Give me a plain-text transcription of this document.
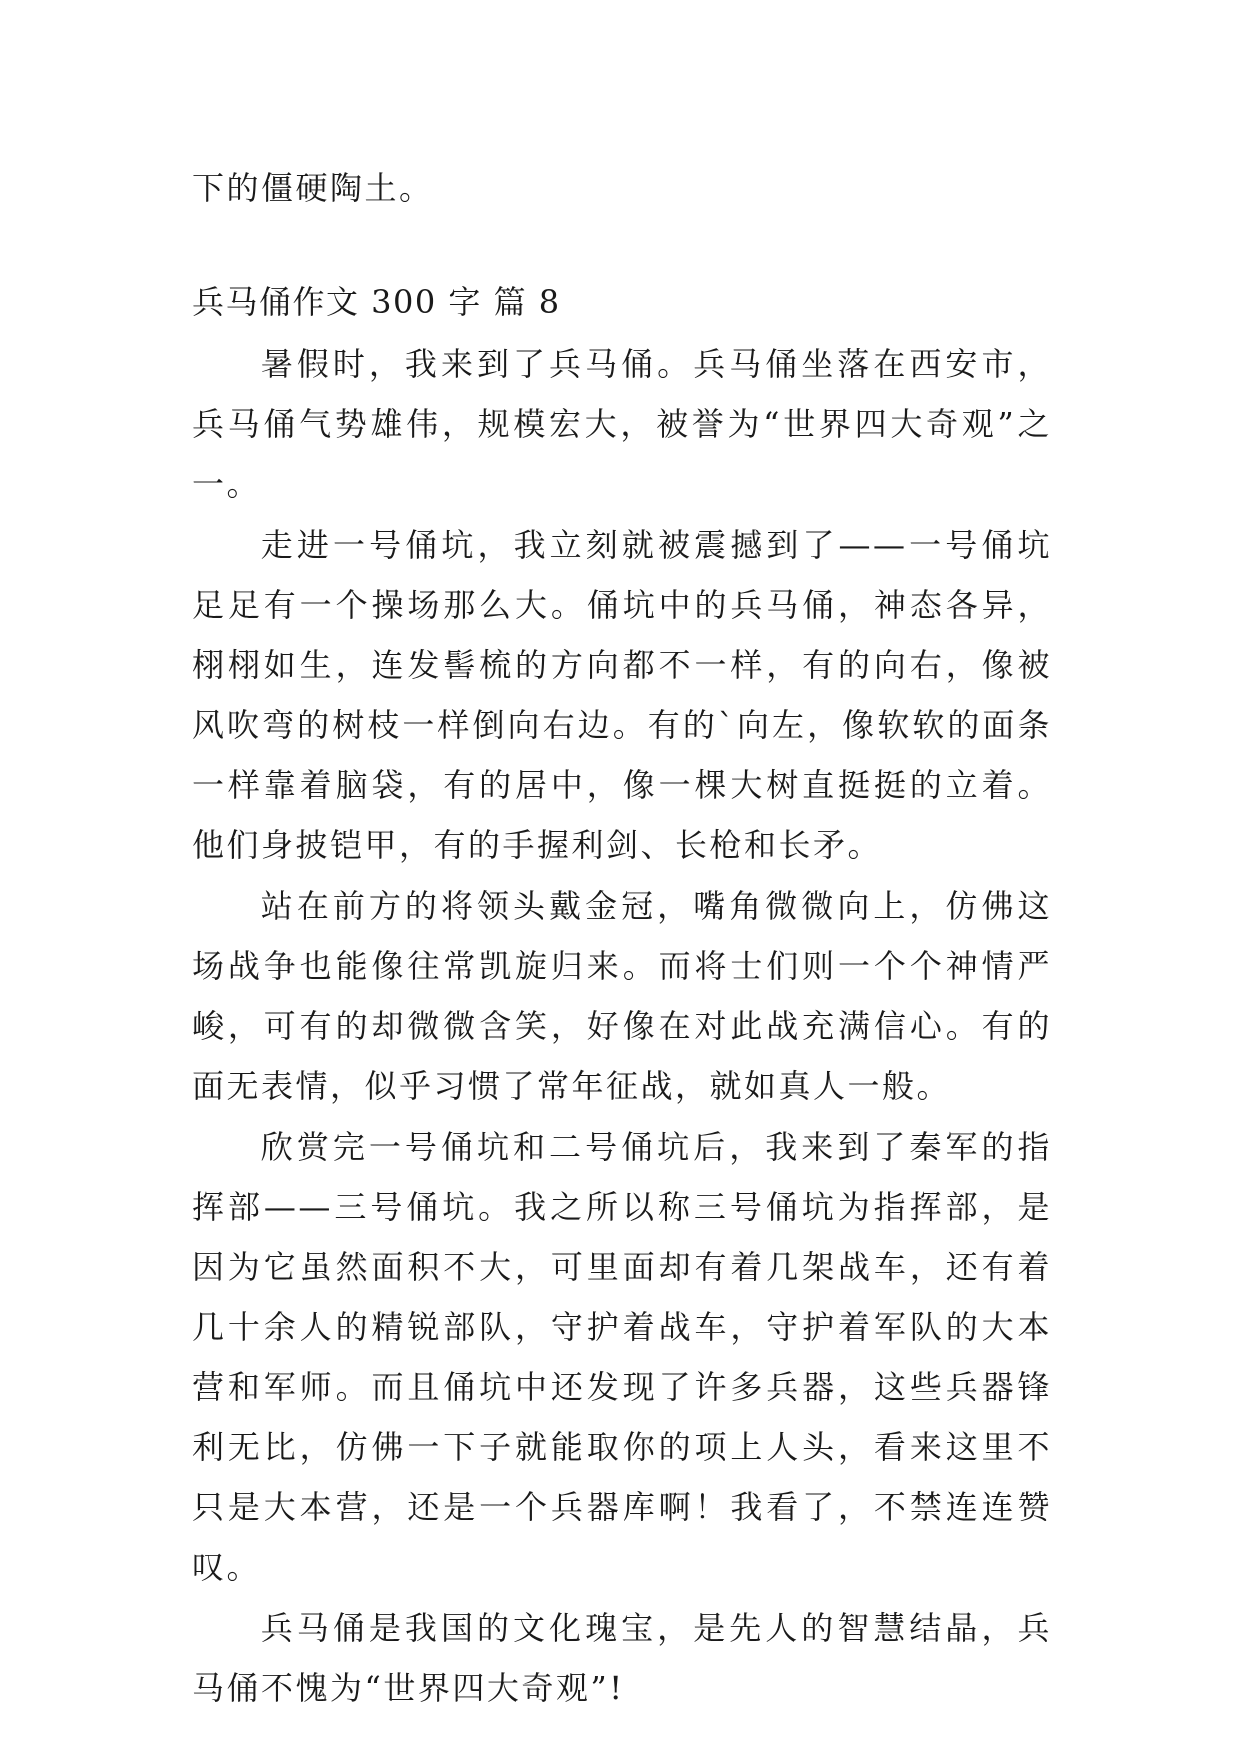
下的僵硬陶土。
兵马俑作文 300 字 篇 8

暑假时，我来到了兵马俑。兵马俑坐落在西安市，兵马俑气势雄伟，规模宏大，被誉为“世界四大奇观”之一。

走进一号俑坑，我立刻就被震撼到了——一号俑坑足足有一个操场那么大。俑坑中的兵马俑，神态各异，栩栩如生，连发髻梳的方向都不一样，有的向右，像被风吹弯的树枝一样倒向右边。有的`向左，像软软的面条一样靠着脑袋，有的居中，像一棵大树直挺挺的立着。他们身披铠甲，有的手握利剑、长枪和长矛。

站在前方的将领头戴金冠，嘴角微微向上，仿佛这场战争也能像往常凯旋归来。而将士们则一个个神情严峻，可有的却微微含笑，好像在对此战充满信心。有的面无表情，似乎习惯了常年征战，就如真人一般。

欣赏完一号俑坑和二号俑坑后，我来到了秦军的指挥部——三号俑坑。我之所以称三号俑坑为指挥部，是因为它虽然面积不大，可里面却有着几架战车，还有着几十余人的精锐部队，守护着战车，守护着军队的大本营和军师。而且俑坑中还发现了许多兵器，这些兵器锋利无比，仿佛一下子就能取你的项上人头，看来这里不只是大本营，还是一个兵器库啊！我看了，不禁连连赞叹。

兵马俑是我国的文化瑰宝，是先人的智慧结晶，兵马俑不愧为“世界四大奇观”!
